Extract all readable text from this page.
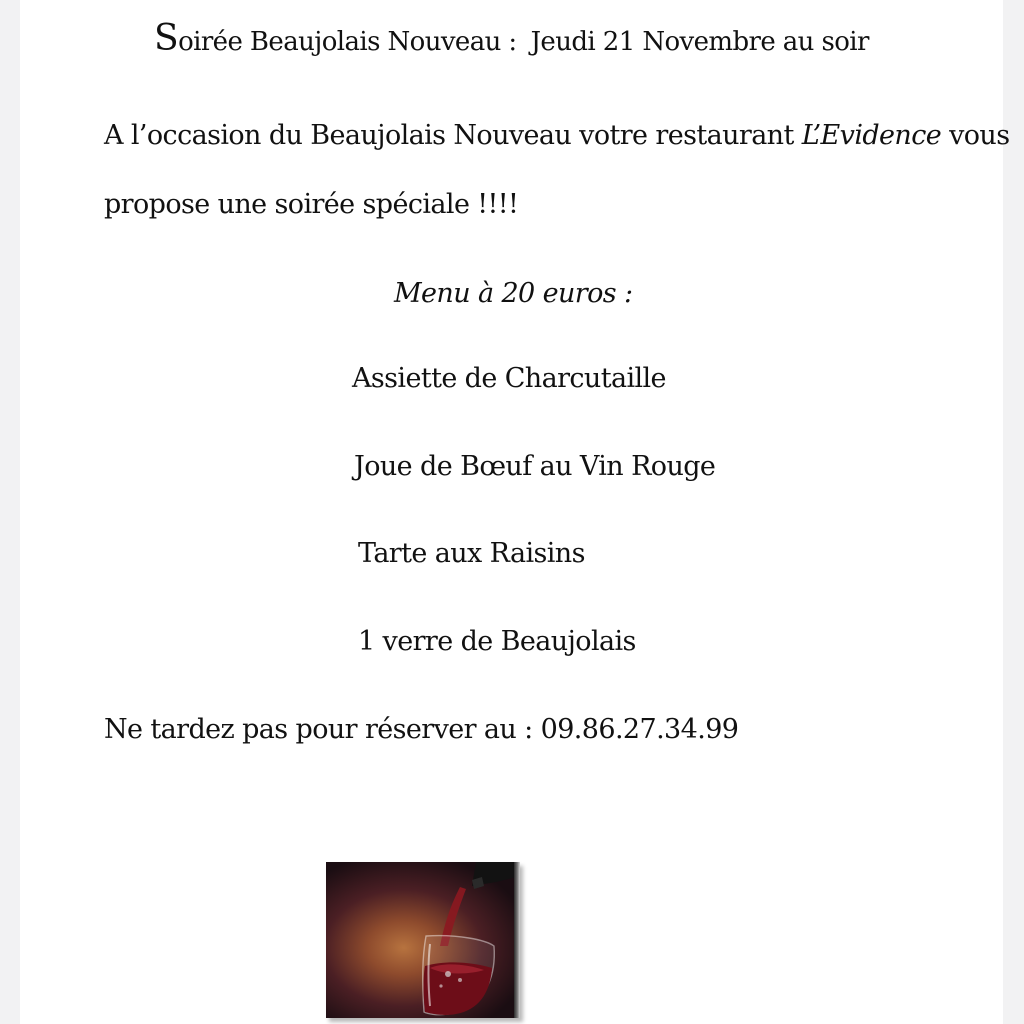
Soirée Beaujolais Nouveau : Jeudi 21 Novembre au soir
A l’occasion du Beaujolais Nouveau votre restaurant L’Evidence vous
propose une soirée spéciale !!!!
Menu à 20 euros :
Assiette de Charcutaille
Joue de Bœuf au Vin Rouge
Tarte aux Raisins
1 verre de Beaujolais
Ne tardez pas pour réserver au : 09.86.27.34.99
